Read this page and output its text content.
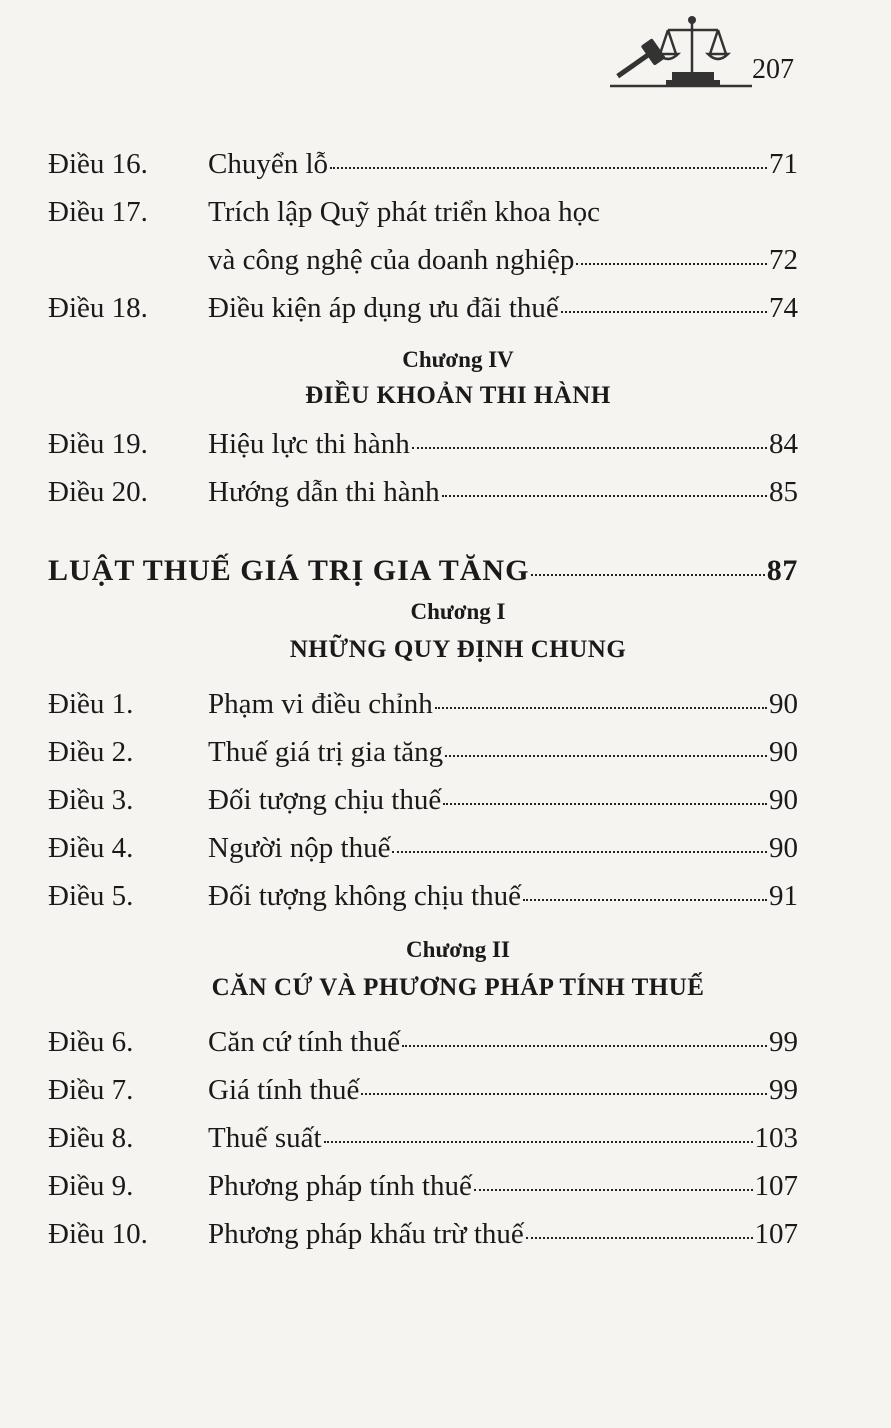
207
Điều 16.	Chuyển lỗ	71
Điều 17.	Trích lập Quỹ phát triển khoa học
và công nghệ của doanh nghiệp	72
Điều 18.	Điều kiện áp dụng ưu đãi thuế	74
Chương IV
ĐIỀU KHOẢN THI HÀNH
Điều 19.	Hiệu lực thi hành	84
Điều 20.	Hướng dẫn thi hành	85
LUẬT THUẾ GIÁ TRỊ GIA TĂNG	87
Chương I
NHỮNG QUY ĐỊNH CHUNG
Điều 1.	Phạm vi điều chỉnh	90
Điều 2.	Thuế giá trị gia tăng	90
Điều 3.	Đối tượng chịu thuế	90
Điều 4.	Người nộp thuế	90
Điều 5.	Đối tượng không chịu thuế	91
Chương II
CĂN CỨ VÀ PHƯƠNG PHÁP TÍNH THUẾ
Điều 6.	Căn cứ tính thuế	99
Điều 7.	Giá tính thuế	99
Điều 8.	Thuế suất	103
Điều 9.	Phương pháp tính thuế	107
Điều 10.	Phương pháp khấu trừ thuế	107
